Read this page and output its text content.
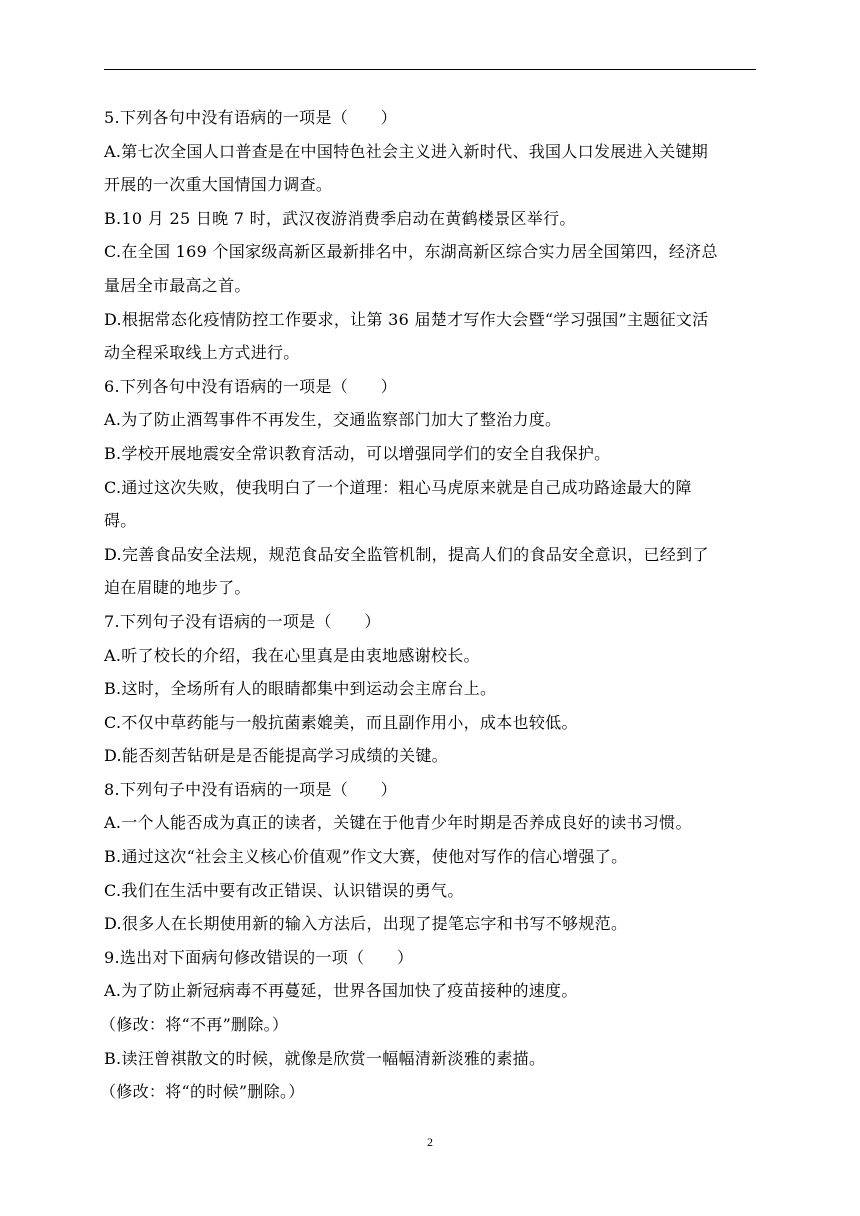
5.下列各句中没有语病的一项是（　　）
A.第七次全国人口普查是在中国特色社会主义进入新时代、我国人口发展进入关键期
开展的一次重大国情国力调查。
B.10 月 25 日晚 7 时，武汉夜游消费季启动在黄鹤楼景区举行。
C.在全国 169 个国家级高新区最新排名中，东湖高新区综合实力居全国第四，经济总
量居全市最高之首。
D.根据常态化疫情防控工作要求，让第 36 届楚才写作大会暨“学习强国”主题征文活
动全程采取线上方式进行。
6.下列各句中没有语病的一项是（　　）
A.为了防止酒驾事件不再发生，交通监察部门加大了整治力度。
B.学校开展地震安全常识教育活动，可以增强同学们的安全自我保护。
C.通过这次失败，使我明白了一个道理：粗心马虎原来就是自己成功路途最大的障
碍。
D.完善食品安全法规，规范食品安全监管机制，提高人们的食品安全意识，已经到了
迫在眉睫的地步了。
7.下列句子没有语病的一项是（　　）
A.听了校长的介绍，我在心里真是由衷地感谢校长。
B.这时，全场所有人的眼睛都集中到运动会主席台上。
C.不仅中草药能与一般抗菌素媲美，而且副作用小，成本也较低。
D.能否刻苦钻研是是否能提高学习成绩的关键。
8.下列句子中没有语病的一项是（　　）
A.一个人能否成为真正的读者，关键在于他青少年时期是否养成良好的读书习惯。
B.通过这次“社会主义核心价值观”作文大赛，使他对写作的信心增强了。
C.我们在生活中要有改正错误、认识错误的勇气。
D.很多人在长期使用新的输入方法后，出现了提笔忘字和书写不够规范。
9.选出对下面病句修改错误的一项（　　）
A.为了防止新冠病毒不再蔓延，世界各国加快了疫苗接种的速度。
（修改：将“不再”删除。）
B.读汪曾祺散文的时候，就像是欣赏一幅幅清新淡雅的素描。
（修改：将“的时候”删除。）
2
